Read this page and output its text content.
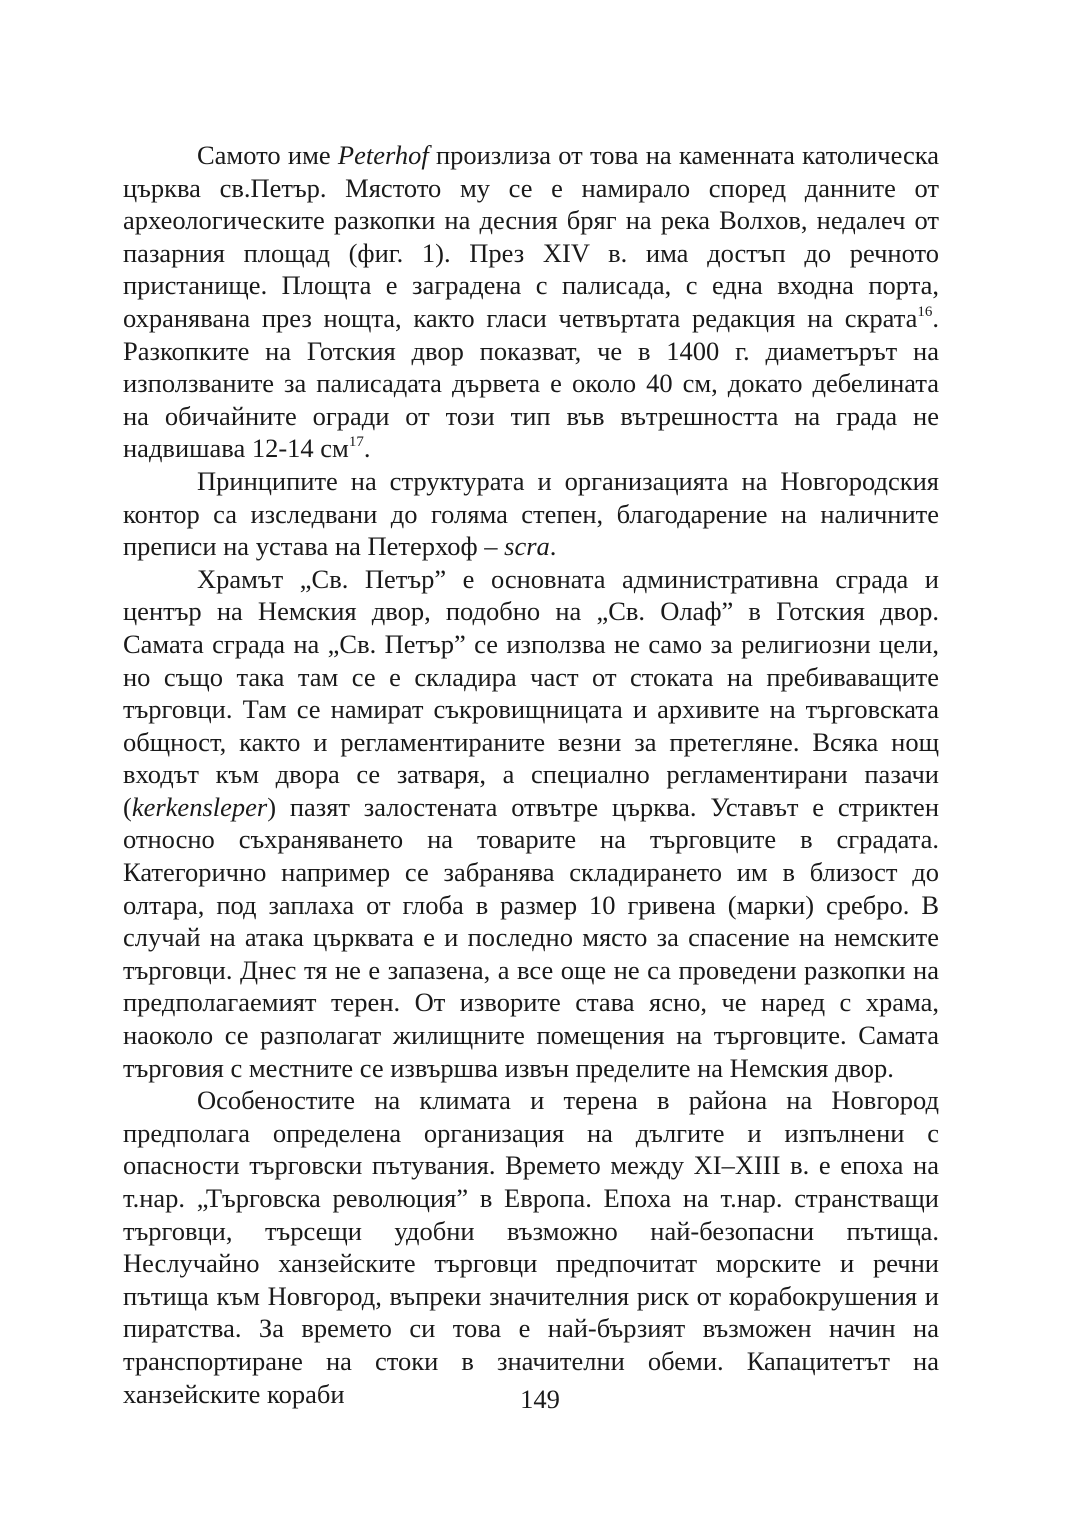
Самото име Peterhof произлиза от това на каменната католическа църква св.Петър. Мястото му се е намирало според данните от археологическите разкопки на десния бряг на река Волхов, недалеч от пазарния площад (фиг. 1). През XIV в. има достъп до речното пристанище. Площта е заградена с палисада, с една входна порта, охранявана през нощта, както гласи четвъртата редакция на скрата$^{16}$. Разкопките на Готския двор показват, че в 1400 г. диаметърът на използваните за палисадата дървета е около 40 см, докато дебелината на обичайните огради от този тип във вътрешността на града не надвишава 12-14 $см^{17}$.

Принципите на структурата и организацията на Новгородския контор са изследвани до голяма степен, благодарение на наличните преписи на устава на Петерхоф – scra.

Храмът „Св. Петър” е основната административна сграда и център на Немския двор, подобно на „Св. Олаф” в Готския двор. Самата сграда на „Св. Петър” се използва не само за религиозни цели, но също така там се е складира част от стоката на пребиваващите търговци. Там се намират съкровищницата и архивите на търговската общност, както и регламентираните везни за претегляне. Всяка нощ входът към двора се затваря, а специално регламентирани пазачи (kerkensleper) пазят залостената отвътре църква. Уставът е стриктен относно съхраняването на товарите на търговците в сградата. Категорично например се забранява складирането им в близост до олтара, под заплаха от глоба в размер 10 гривена (марки) сребро. В случай на атака църквата е и последно място за спасение на немските търговци. Днес тя не е запазена, а все още не са проведени разкопки на предполагаемият терен. От изворите става ясно, че наред с храма, наоколо се разполагат жилищните помещения на търговците. Самата търговия с местните се извършва извън пределите на Немския двор.

Особеностите на климата и терена в района на Новгород предполага определена организация на дългите и изпълнени с опасности търговски пътувания. Времето между XI–XIII в. е епоха на т.нар. „Търговска революция” в Европа. Епоха на т.нар. странстващи търговци, търсещи удобни възможно най-безопасни пътища. Неслучайно ханзейските търговци предпочитат морските и речни пътища към Новгород, въпреки значителния риск от корабокрушения и пиратства. За времето си това е най-бързият възможен начин на транспортиране на стоки в значителни обеми. Капацитетът на ханзейските кораби	149
